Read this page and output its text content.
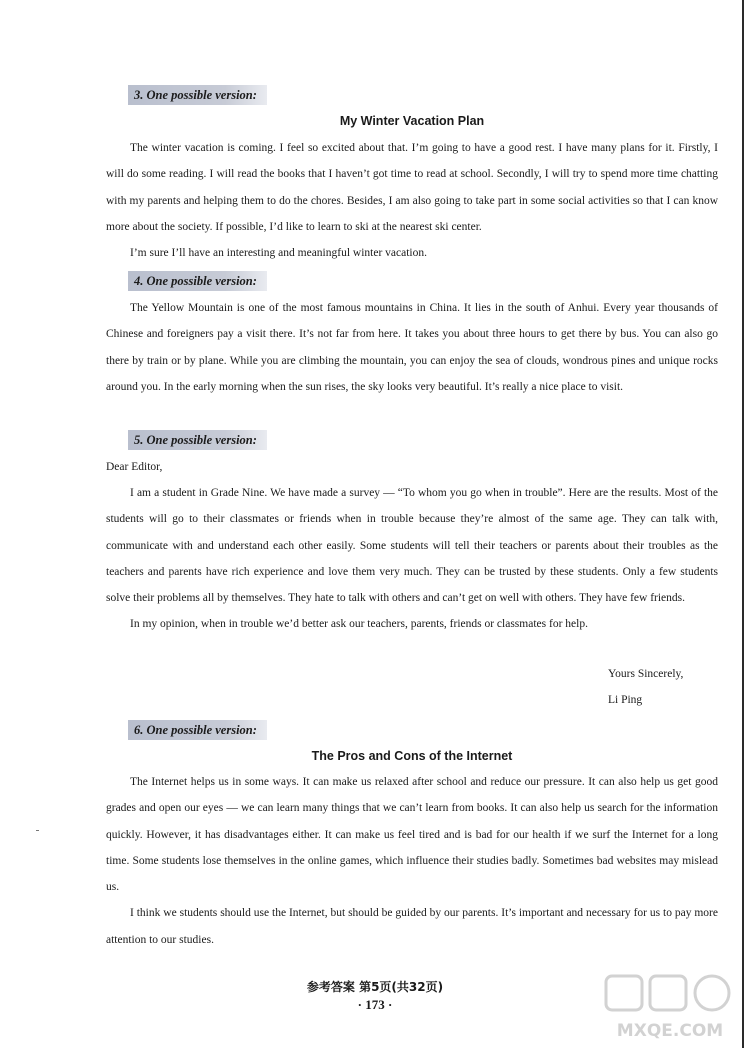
3. One possible version:
My Winter Vacation Plan

The winter vacation is coming. I feel so excited about that. I’m going to have a good rest. I have many plans for it. Firstly, I will do some reading. I will read the books that I haven’t got time to read at school. Secondly, I will try to spend more time chatting with my parents and helping them to do the chores. Besides, I am also going to take part in some social activities so that I can know more about the society. If possible, I’d like to learn to ski at the nearest ski center.

I’m sure I’ll have an interesting and meaningful winter vacation.

4. One possible version:

The Yellow Mountain is one of the most famous mountains in China. It lies in the south of Anhui. Every year thousands of Chinese and foreigners pay a visit there. It’s not far from here. It takes you about three hours to get there by bus. You can also go there by train or by plane. While you are climbing the mountain, you can enjoy the sea of clouds, wondrous pines and unique rocks around you. In the early morning when the sun rises, the sky looks very beautiful. It’s really a nice place to visit.

5. One possible version:
Dear Editor,

I am a student in Grade Nine. We have made a survey — “To whom you go when in trouble”. Here are the results. Most of the students will go to their classmates or friends when in trouble because they’re almost of the same age. They can talk with, communicate with and understand each other easily. Some students will tell their teachers or parents about their troubles as the teachers and parents have rich experience and love them very much. They can be trusted by these students. Only a few students solve their problems all by themselves. They hate to talk with others and can’t get on well with others. They have few friends.

In my opinion, when in trouble we’d better ask our teachers, parents, friends or classmates for help.

Yours Sincerely,
Li Ping
6. One possible version:
The Pros and Cons of the Internet

The Internet helps us in some ways. It can make us relaxed after school and reduce our pressure. It can also help us get good grades and open our eyes — we can learn many things that we can’t learn from books. It can also help us search for the information quickly. However, it has disadvantages either. It can make us feel tired and is bad for our health if we surf the Internet for a long time. Some students lose themselves in the online games, which influence their studies badly. Sometimes bad websites may mislead us.

I think we students should use the Internet, but should be guided by our parents. It’s important and necessary for us to pay more attention to our studies.

参考答案 第5页(共32页)
· 173 ·
MXQE.COM
